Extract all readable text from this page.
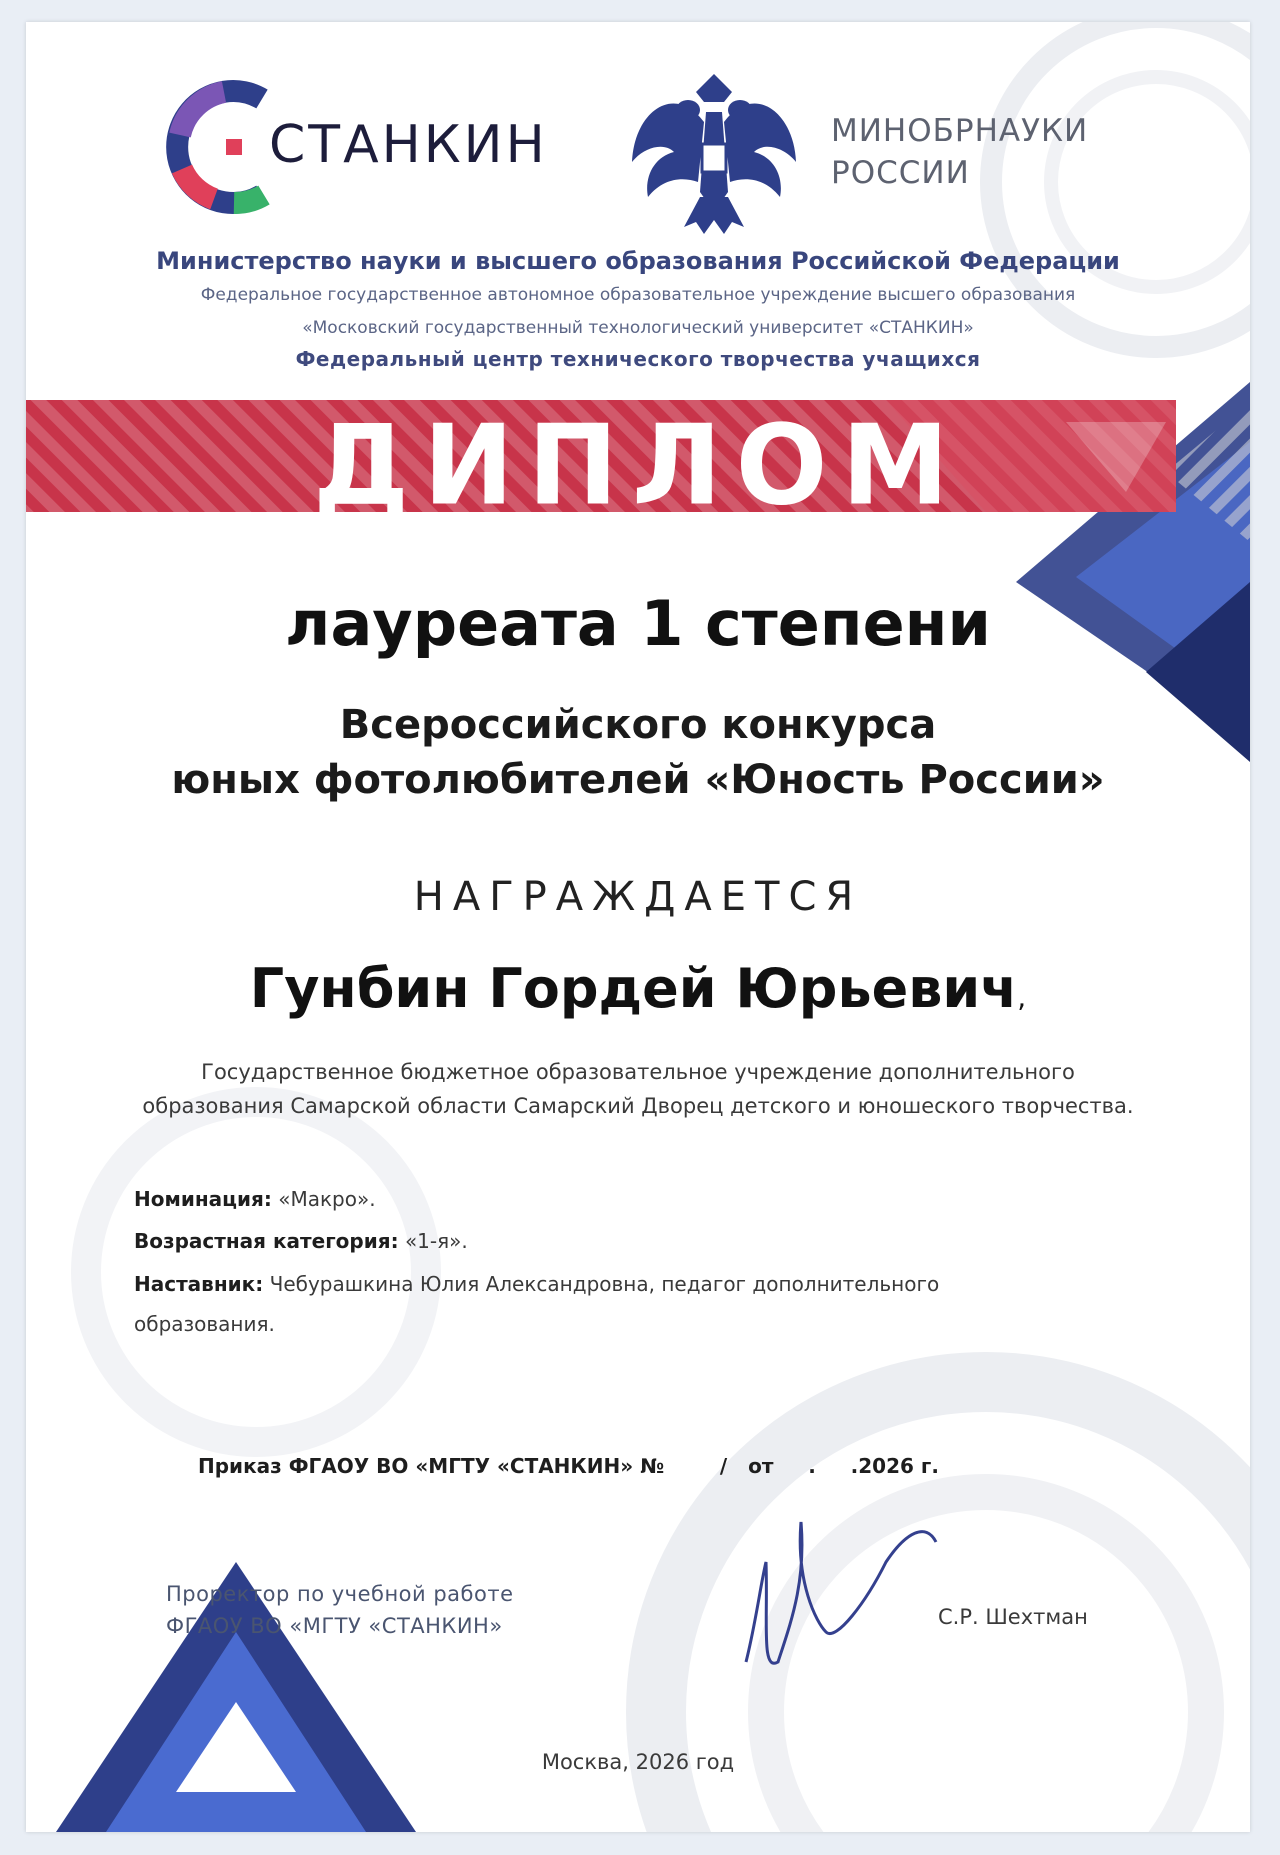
СТАНКИН	МИНОБРНАУКИ
РОССИИ
Министерство науки и высшего образования Российской Федерации
Федеральное государственное автономное образовательное учреждение высшего образования
«Московский государственный технологический университет «СТАНКИН»
Федеральный центр технического творчества учащихся
ДИПЛОМ
лауреата 1 степени
Всероссийского конкурса
юных фотолюбителей «Юность России»
НАГРАЖДАЕТСЯ
Гунбин Гордей Юрьевич,
Государственное бюджетное образовательное учреждение дополнительного
образования Самарской области Самарский Дворец детского и юношеского творчества.
Номинация: «Макро».
Возрастная категория: «1-я».
Наставник: Чебурашкина Юлия Александровна, педагог дополнительного
образования.
Приказ ФГАОУ ВО «МГТУ «СТАНКИН» №        /   от     .     .2026 г.
Проректор по учебной работе
ФГАОУ ВО «МГТУ «СТАНКИН»	С.Р. Шехтман
Москва, 2026 год
